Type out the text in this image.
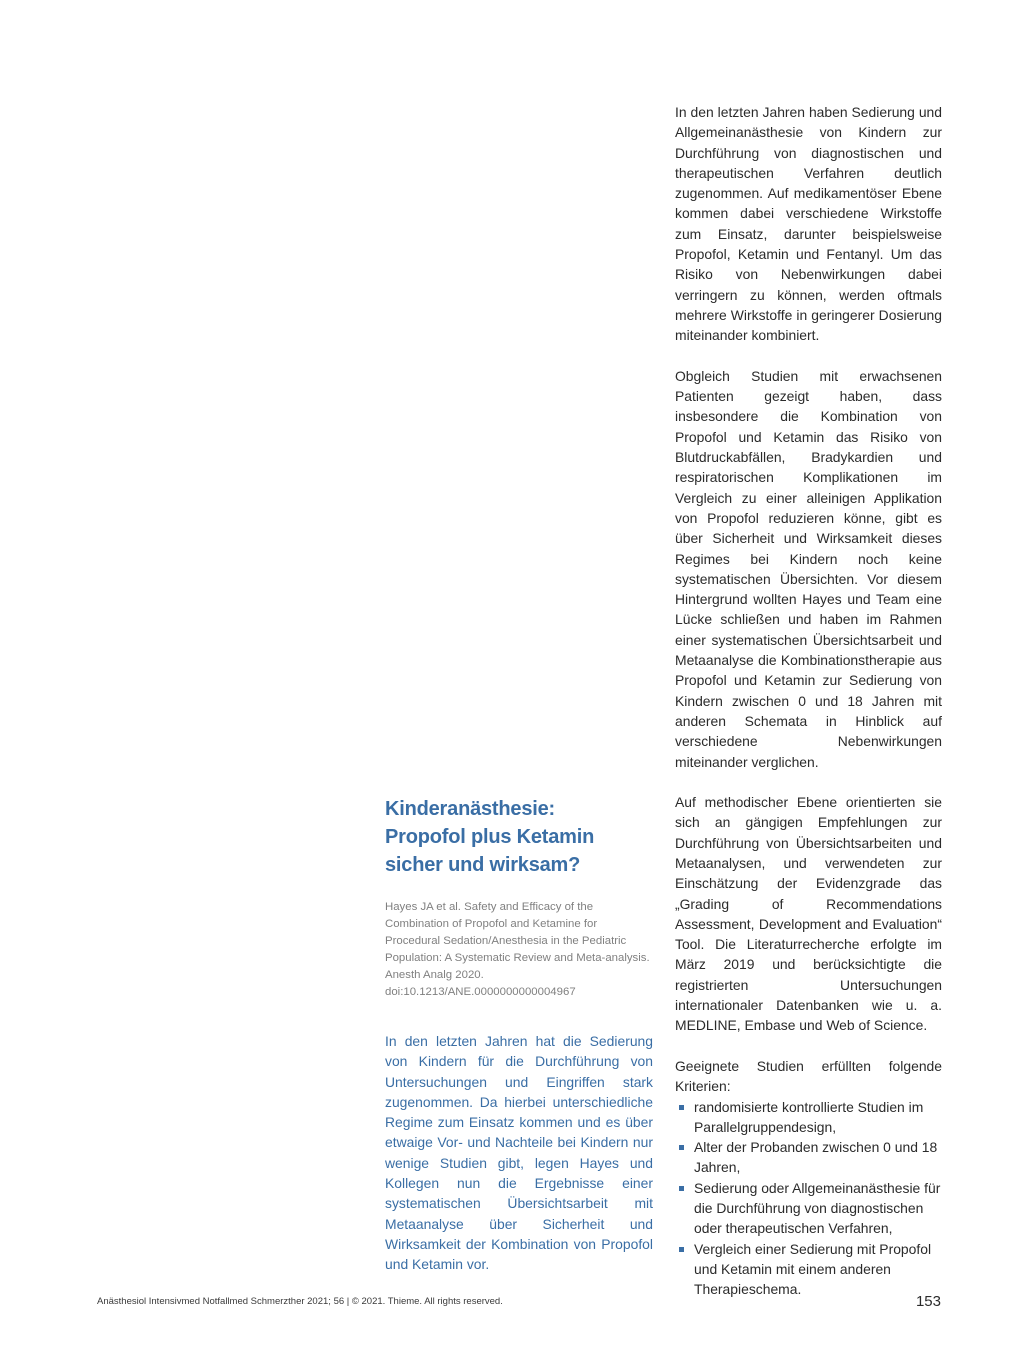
Kinderanästhesie:
Propofol plus Ketamin
sicher und wirksam?

Hayes JA et al. Safety and Efficacy of the Combination of Propofol and Ketamine for Procedural Sedation/Anesthesia in the Pediatric Population: A Systematic Review and Meta-analysis. Anesth Analg 2020. doi:10.1213/ANE.0000000000004967

In den letzten Jahren hat die Sedierung von Kindern für die Durchführung von Untersuchungen und Eingriffen stark zugenommen. Da hierbei unterschiedliche Regime zum Einsatz kommen und es über etwaige Vor- und Nachteile bei Kindern nur wenige Studien gibt, legen Hayes und Kollegen nun die Ergebnisse einer systematischen Übersichtsarbeit mit Metaanalyse über Sicherheit und Wirksamkeit der Kombination von Propofol und Ketamin vor.

In den letzten Jahren haben Sedierung und Allgemeinanästhesie von Kindern zur Durchführung von diagnostischen und therapeutischen Verfahren deutlich zugenommen. Auf medikamentöser Ebene kommen dabei verschiedene Wirkstoffe zum Einsatz, darunter beispielsweise Propofol, Ketamin und Fentanyl. Um das Risiko von Nebenwirkungen dabei verringern zu können, werden oftmals mehrere Wirkstoffe in geringerer Dosierung miteinander kombiniert.

Obgleich Studien mit erwachsenen Patienten gezeigt haben, dass insbesondere die Kombination von Propofol und Ketamin das Risiko von Blutdruckabfällen, Bradykardien und respiratorischen Komplikationen im Vergleich zu einer alleinigen Applikation von Propofol reduzieren könne, gibt es über Sicherheit und Wirksamkeit dieses Regimes bei Kindern noch keine systematischen Übersichten. Vor diesem Hintergrund wollten Hayes und Team eine Lücke schließen und haben im Rahmen einer systematischen Übersichtsarbeit und Metaanalyse die Kombinationstherapie aus Propofol und Ketamin zur Sedierung von Kindern zwischen 0 und 18 Jahren mit anderen Schemata in Hinblick auf verschiedene Nebenwirkungen miteinander verglichen.

Auf methodischer Ebene orientierten sie sich an gängigen Empfehlungen zur Durchführung von Übersichtsarbeiten und Metaanalysen, und verwendeten zur Einschätzung der Evidenzgrade das „Grading of Recommendations Assessment, Development and Evaluation“ Tool. Die Literaturrecherche erfolgte im März 2019 und berücksichtigte die registrierten Untersuchungen internationaler Datenbanken wie u. a. MEDLINE, Embase und Web of Science.

Geeignete Studien erfüllten folgende Kriterien:

randomisierte kontrollierte Studien im Parallelgruppendesign,
Alter der Probanden zwischen 0 und 18 Jahren,
Sedierung oder Allgemeinanästhesie für die Durchführung von diagnostischen oder therapeutischen Verfahren,
Vergleich einer Sedierung mit Propofol und Ketamin mit einem anderen Therapieschema.
Anästhesiol Intensivmed Notfallmed Schmerzther 2021; 56 | © 2021. Thieme. All rights reserved.	153
